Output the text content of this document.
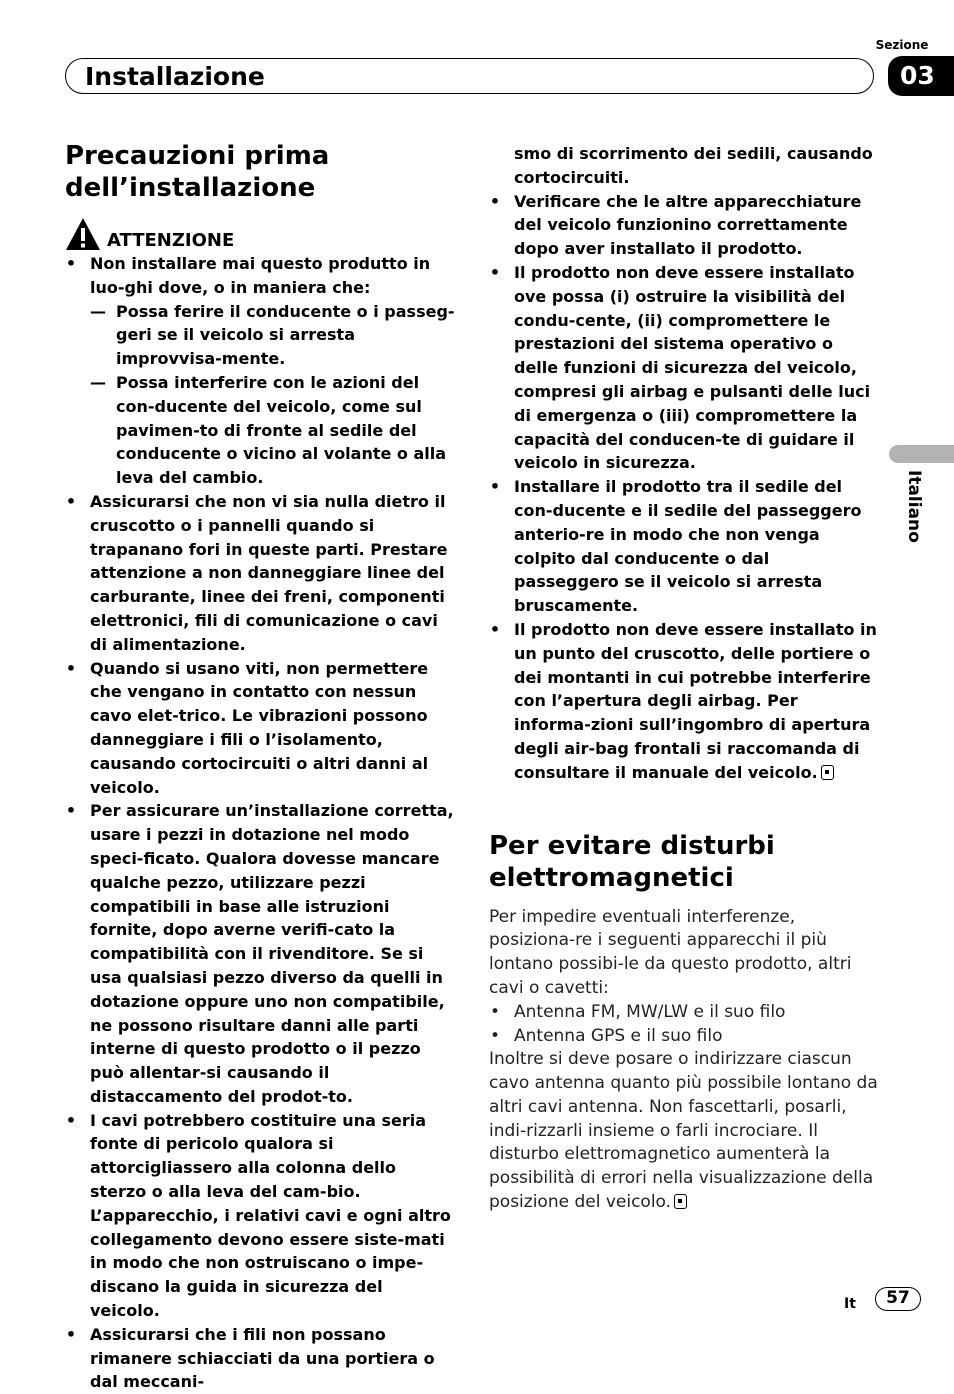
Sezione
Installazione	03
Italiano
Precauzioni prima
dell’installazione
ATTENZIONE
• Non installare mai questo produtto in luo-ghi dove, o in maniera che:
— Possa ferire il conducente o i passeg-geri se il veicolo si arresta improvvisa-mente.
— Possa interferire con le azioni del con-ducente del veicolo, come sul pavimen-to di fronte al sedile del conducente o vicino al volante o alla leva del cambio.
• Assicurarsi che non vi sia nulla dietro il cruscotto o i pannelli quando si trapanano fori in queste parti. Prestare attenzione a non danneggiare linee del carburante, linee dei freni, componenti elettronici, fili di comunicazione o cavi di alimentazione.
• Quando si usano viti, non permettere che vengano in contatto con nessun cavo elet-trico. Le vibrazioni possono danneggiare i fili o l’isolamento, causando cortocircuiti o altri danni al veicolo.
• Per assicurare un’installazione corretta, usare i pezzi in dotazione nel modo speci-ficato. Qualora dovesse mancare qualche pezzo, utilizzare pezzi compatibili in base alle istruzioni fornite, dopo averne verifi-cato la compatibilità con il rivenditore. Se si usa qualsiasi pezzo diverso da quelli in dotazione oppure uno non compatibile, ne possono risultare danni alle parti interne di questo prodotto o il pezzo può allentar-si causando il distaccamento del prodot-to.
• I cavi potrebbero costituire una seria fonte di pericolo qualora si attorcigliassero alla colonna dello sterzo o alla leva del cam-bio. L’apparecchio, i relativi cavi e ogni altro collegamento devono essere siste-mati in modo che non ostruiscano o impe-discano la guida in sicurezza del veicolo.
• Assicurarsi che i fili non possano rimanere schiacciati da una portiera o dal meccani-
smo di scorrimento dei sedili, causando cortocircuiti.
• Verificare che le altre apparecchiature del veicolo funzionino correttamente dopo aver installato il prodotto.
• Il prodotto non deve essere installato ove possa (i) ostruire la visibilità del condu-cente, (ii) compromettere le prestazioni del sistema operativo o delle funzioni di sicurezza del veicolo, compresi gli airbag e pulsanti delle luci di emergenza o (iii) compromettere la capacità del conducen-te di guidare il veicolo in sicurezza.
• Installare il prodotto tra il sedile del con-ducente e il sedile del passeggero anterio-re in modo che non venga colpito dal conducente o dal passeggero se il veicolo si arresta bruscamente.
• Il prodotto non deve essere installato in un punto del cruscotto, delle portiere o dei montanti in cui potrebbe interferire con l’apertura degli airbag. Per informa-zioni sull’ingombro di apertura degli air-bag frontali si raccomanda di consultare il manuale del veicolo.
Per evitare disturbi
elettromagnetici
Per impedire eventuali interferenze, posiziona-re i seguenti apparecchi il più lontano possibi-le da questo prodotto, altri cavi o cavetti:
• Antenna FM, MW/LW e il suo filo
• Antenna GPS e il suo filo
Inoltre si deve posare o indirizzare ciascun cavo antenna quanto più possibile lontano da altri cavi antenna. Non fascettarli, posarli, indi-rizzarli insieme o farli incrociare. Il disturbo elettromagnetico aumenterà la possibilità di errori nella visualizzazione della posizione del veicolo.
It	57
